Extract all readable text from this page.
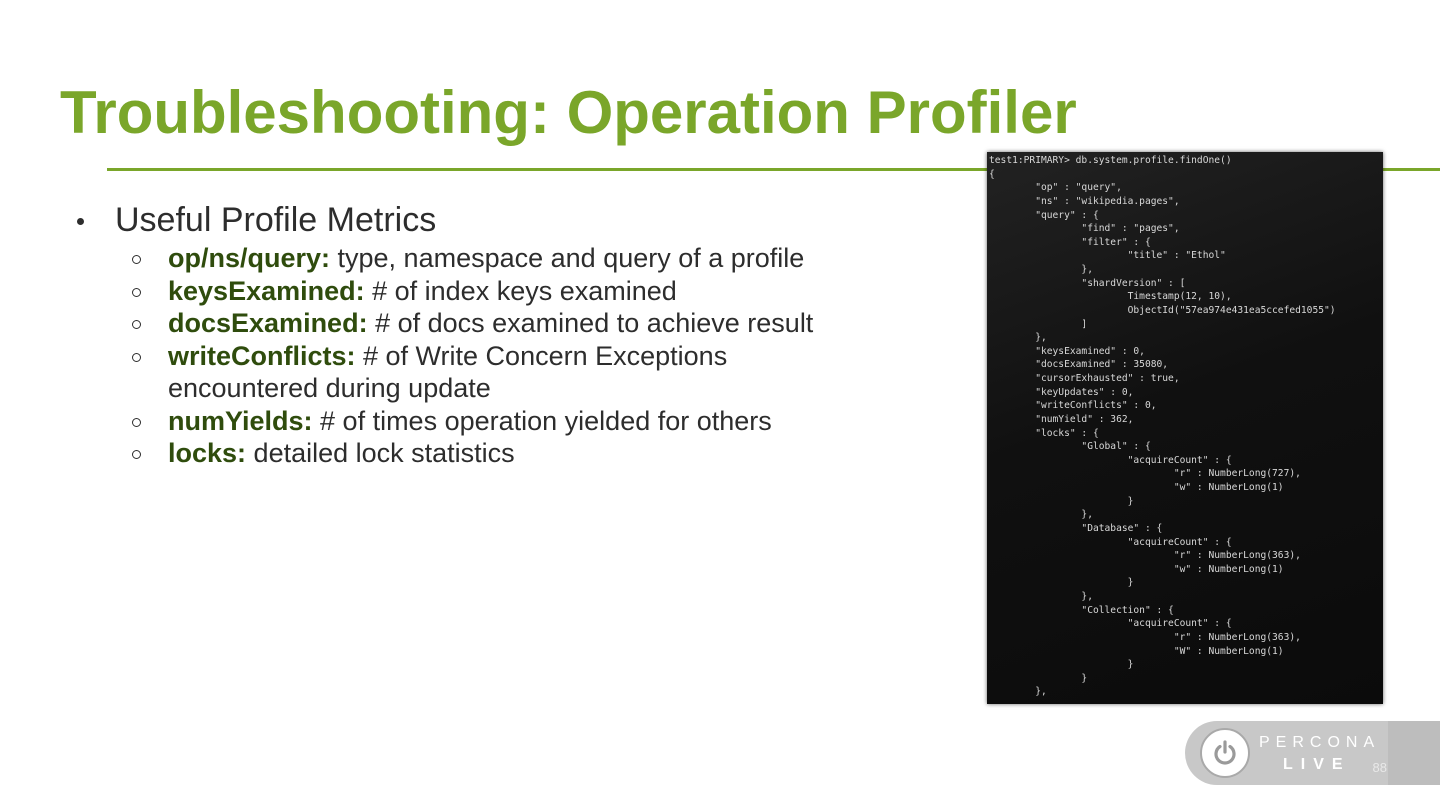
Troubleshooting: Operation Profiler
Useful Profile Metrics
op/ns/query: type, namespace and query of a profile
keysExamined: # of index keys examined
docsExamined: # of docs examined to achieve result
writeConflicts: # of Write Concern Exceptions encountered during update
numYields: # of times operation yielded for others
locks: detailed lock statistics
test1:PRIMARY> db.system.profile.findOne()
{
"op" : "query",
"ns" : "wikipedia.pages",
"query" : {
"find" : "pages",
"filter" : {
"title" : "Ethol"
},
"shardVersion" : [
Timestamp(12, 10),
ObjectId("57ea974e431ea5ccefed1055")
]
},
"keysExamined" : 0,
"docsExamined" : 35080,
"cursorExhausted" : true,
"keyUpdates" : 0,
"writeConflicts" : 0,
"numYield" : 362,
"locks" : {
"Global" : {
"acquireCount" : {
"r" : NumberLong(727),
"w" : NumberLong(1)
}
},
"Database" : {
"acquireCount" : {
"r" : NumberLong(363),
"w" : NumberLong(1)
}
},
"Collection" : {
"acquireCount" : {
"r" : NumberLong(363),
"W" : NumberLong(1)
}
}
},
PERCONA
LIVE 88
